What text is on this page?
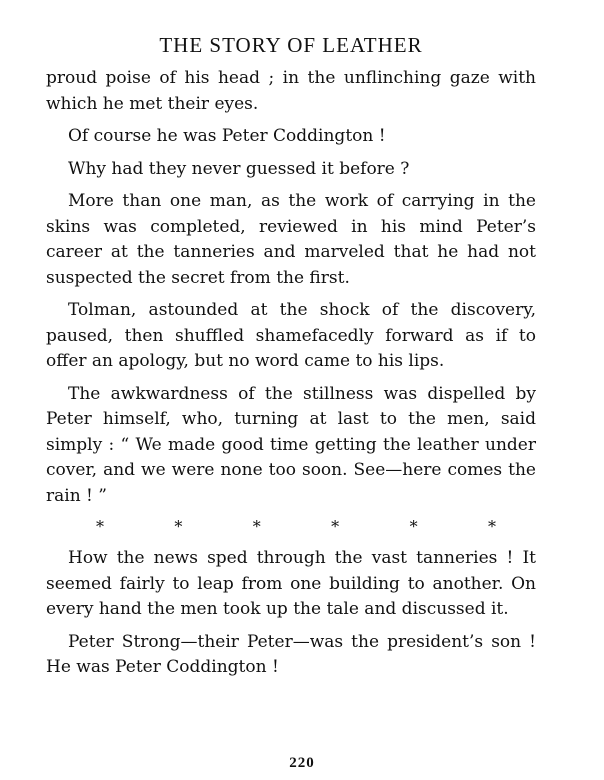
THE STORY OF LEATHER

proud poise of his head ; in the unflinching gaze with which he met their eyes.

Of course he was Peter Coddington !

Why had they never guessed it before ?

More than one man, as the work of carrying in the skins was completed, reviewed in his mind Peter’s career at the tanneries and marveled that he had not suspected the secret from the first.

Tolman, astounded at the shock of the discovery, paused, then shuffled shamefacedly forward as if to offer an apology, but no word came to his lips.

The awkwardness of the stillness was dispelled by Peter himself, who, turning at last to the men, said simply : “ We made good time getting the leather under cover, and we were none too soon. See—here comes the rain ! ”

*	*	*	*	*	*

How the news sped through the vast tanneries ! It seemed fairly to leap from one building to another. On every hand the men took up the tale and discussed it.

Peter Strong—their Peter—was the president’s son ! He was Peter Coddington !

220
